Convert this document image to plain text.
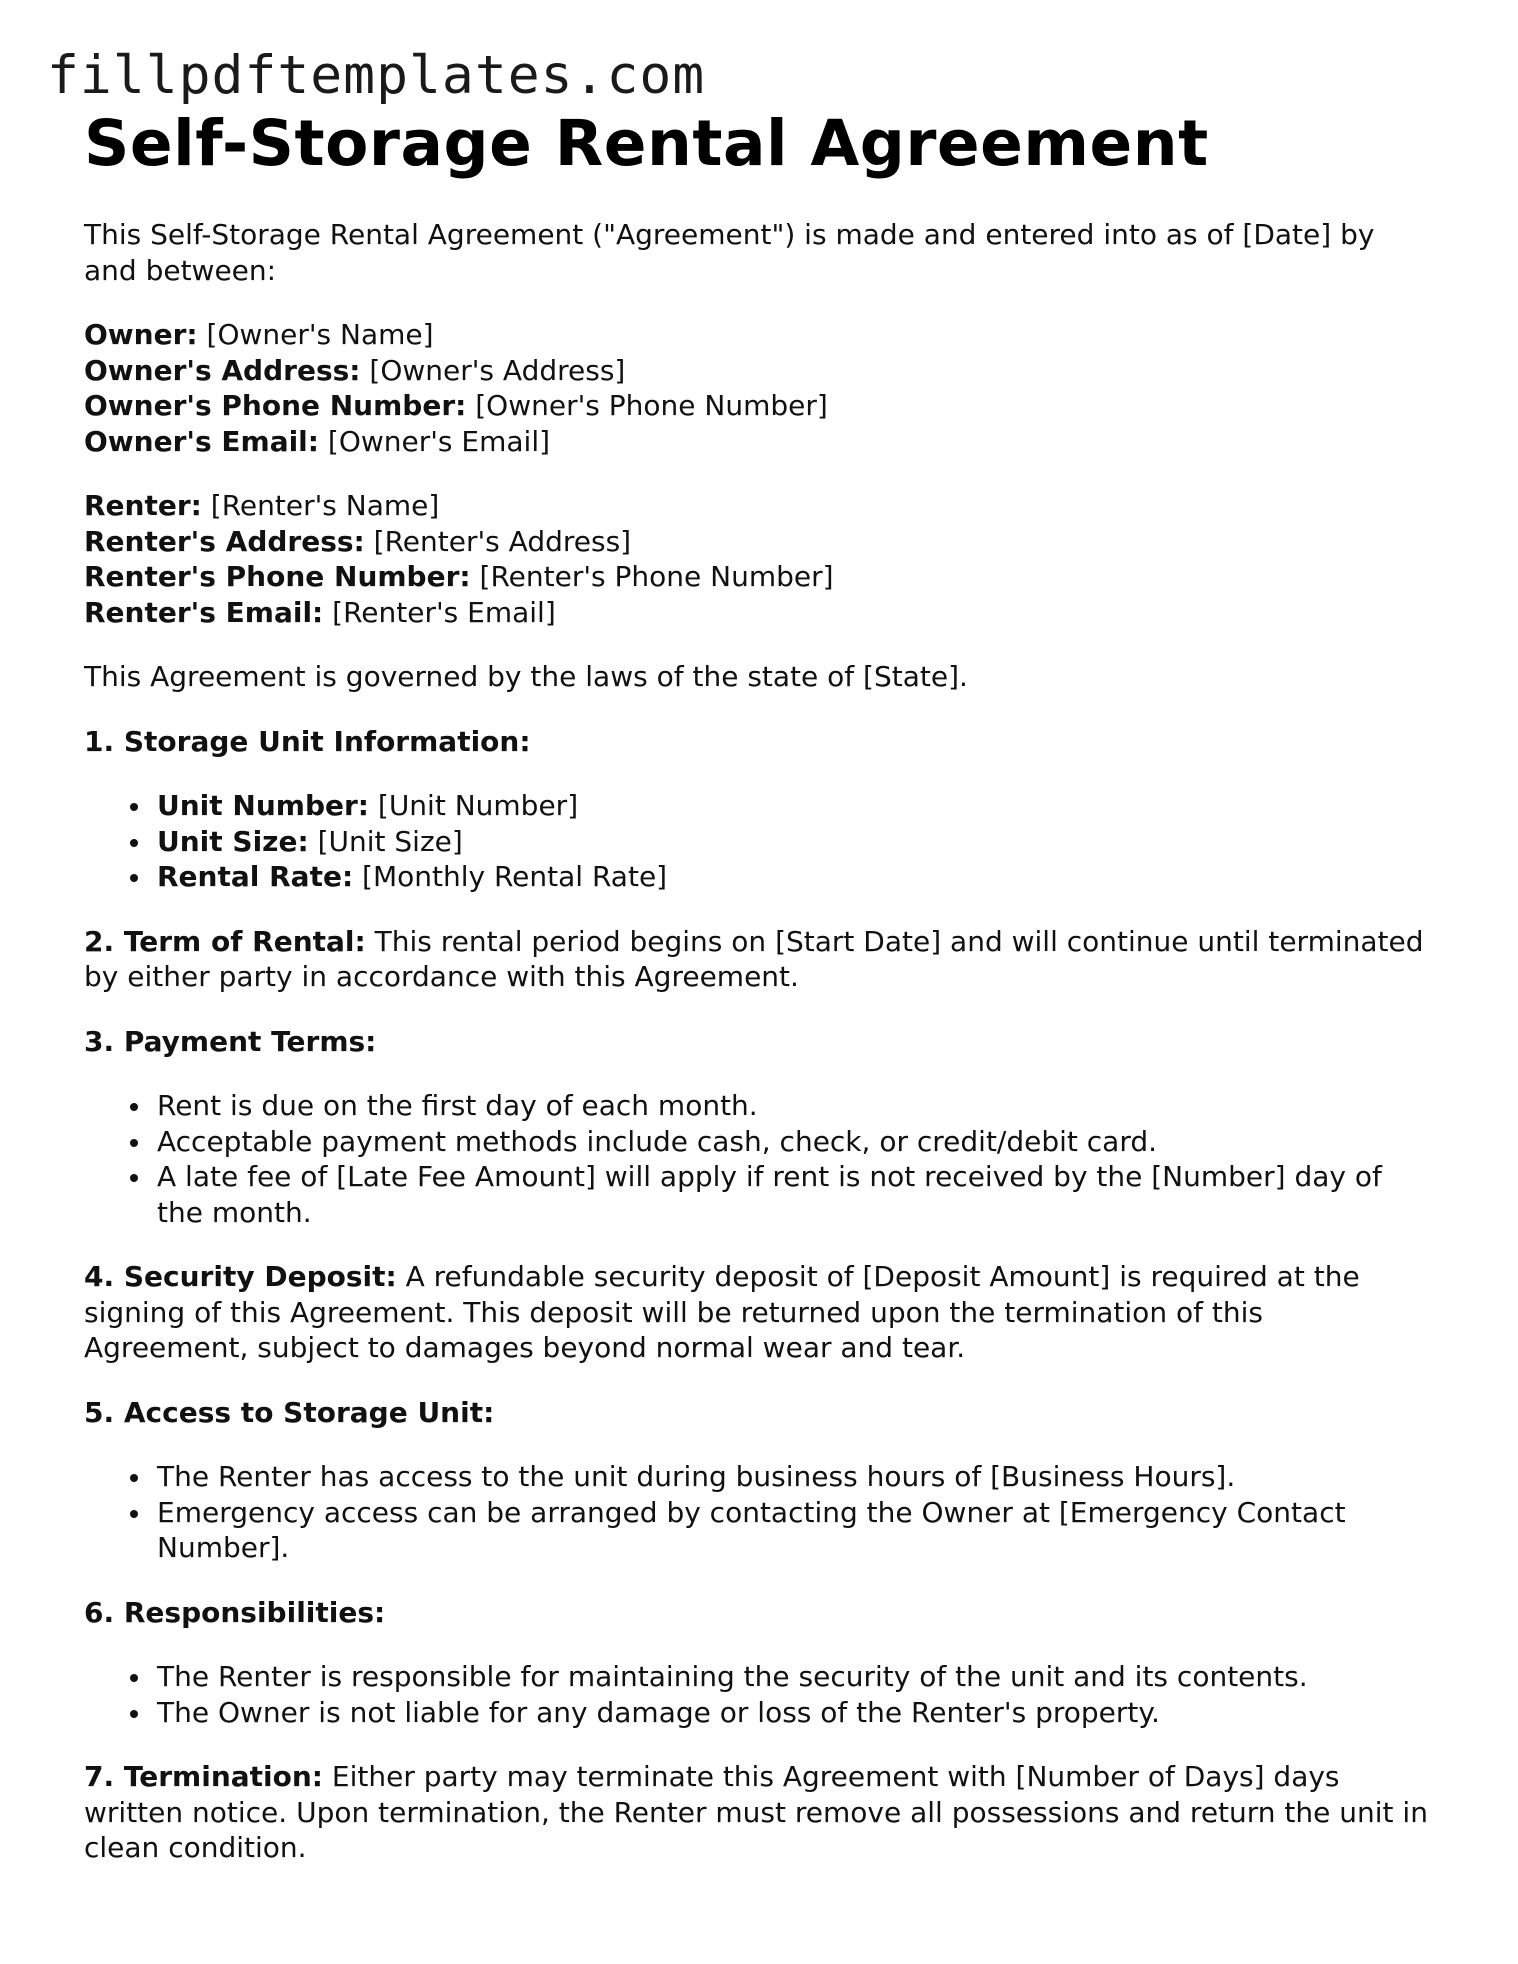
fillpdftemplates.com
Self-Storage Rental Agreement

This Self-Storage Rental Agreement ("Agreement") is made and entered into as of [Date] by and between:

Owner: [Owner's Name]
Owner's Address: [Owner's Address]
Owner's Phone Number: [Owner's Phone Number]
Owner's Email: [Owner's Email]

Renter: [Renter's Name]
Renter's Address: [Renter's Address]
Renter's Phone Number: [Renter's Phone Number]
Renter's Email: [Renter's Email]

This Agreement is governed by the laws of the state of [State].

1. Storage Unit Information:

Unit Number: [Unit Number]
Unit Size: [Unit Size]
Rental Rate: [Monthly Rental Rate]

2. Term of Rental: This rental period begins on [Start Date] and will continue until terminated by either party in accordance with this Agreement.

3. Payment Terms:

Rent is due on the first day of each month.
Acceptable payment methods include cash, check, or credit/debit card.
A late fee of [Late Fee Amount] will apply if rent is not received by the [Number] day of the month.

4. Security Deposit: A refundable security deposit of [Deposit Amount] is required at the signing of this Agreement. This deposit will be returned upon the termination of this Agreement, subject to damages beyond normal wear and tear.

5. Access to Storage Unit:

The Renter has access to the unit during business hours of [Business Hours].
Emergency access can be arranged by contacting the Owner at [Emergency Contact Number].

6. Responsibilities:

The Renter is responsible for maintaining the security of the unit and its contents.
The Owner is not liable for any damage or loss of the Renter's property.

7. Termination: Either party may terminate this Agreement with [Number of Days] days written notice. Upon termination, the Renter must remove all possessions and return the unit in clean condition.
